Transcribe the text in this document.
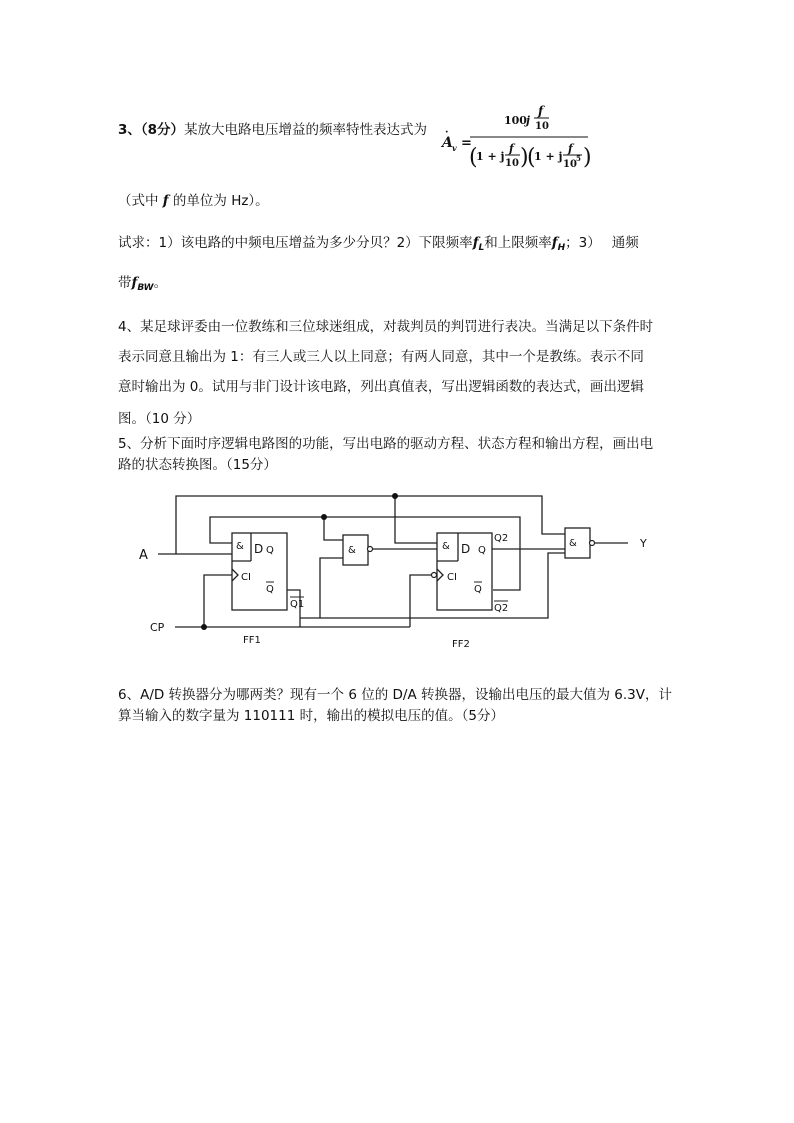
3、（8分）某放大电路电压增益的频率特性表达式为
A
·
v =
100 j
f
10
(
1 + j
f
10 )
(
1 + j
f
10
5 )
（式中 f 的单位为 Hz）。
试求：1）该电路的中频电压增益为多少分贝？2）下限频率$f_L$和上限频率$f_H$；3）　 通频
带$f_{BW}$。
4、某足球评委由一位教练和三位球迷组成，对裁判员的判罚进行表决。当满足以下条件时
表示同意且输出为 1：有三人或三人以上同意；有两人同意，其中一个是教练。表示不同
意时输出为 0。试用与非门设计该电路，列出真值表，写出逻辑函数的表达式，画出逻辑
图。（10 分）
5、分析下面时序逻辑电路图的功能，写出电路的驱动方程、状态方程和输出方程，画出电
路的状态转换图。（15分）
A
CP
Y
& D Q
CI
Q
Q1
&	& D Q
CI
Q
Q2
Q2
&
FF1	FF2
6、A/D 转换器分为哪两类？现有一个 6 位的 D/A 转换器，设输出电压的最大值为 6.3V，计
算当输入的数字量为 110111 时，输出的模拟电压的值。（5分）
